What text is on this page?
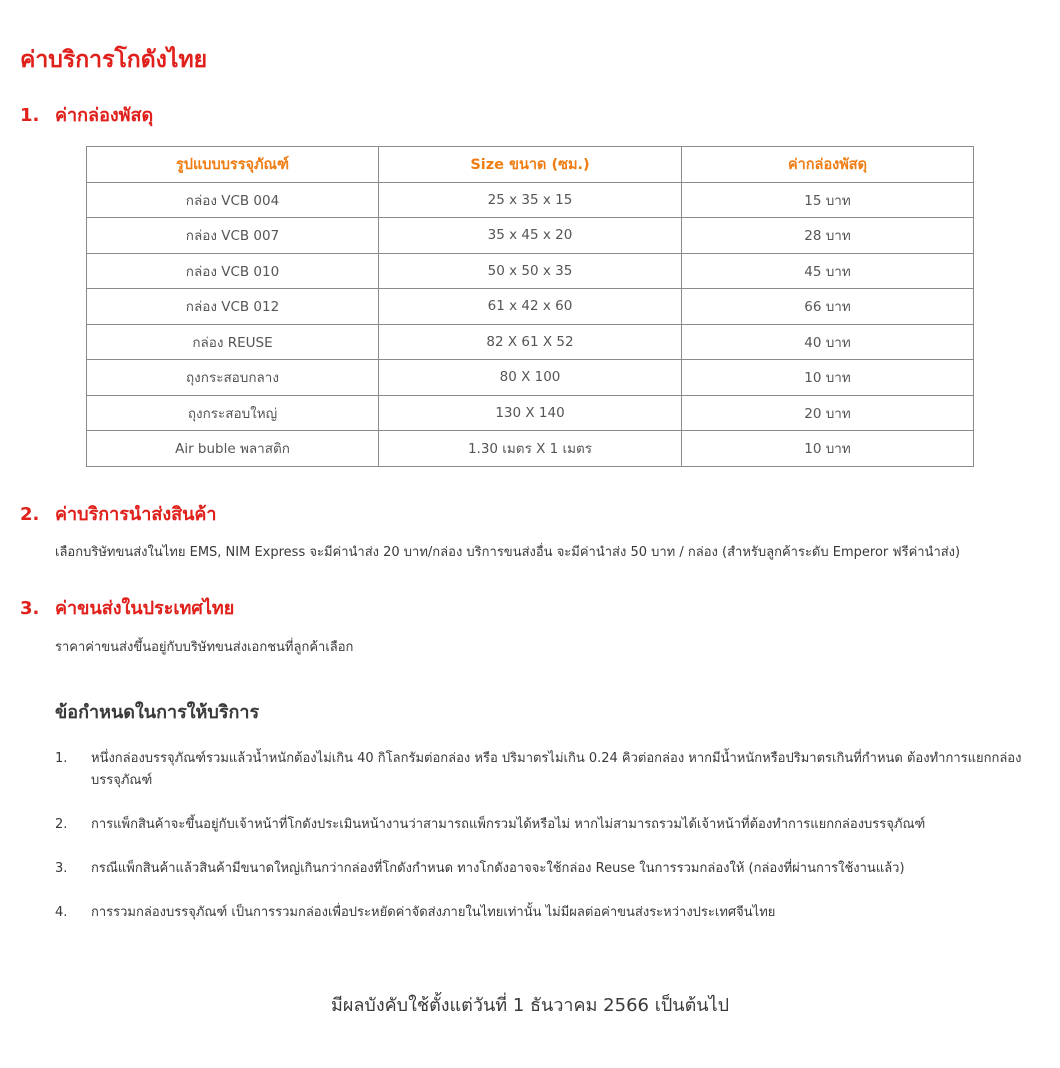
ค่าบริการโกดังไทย
1. ค่ากล่องพัสดุ
รูปแบบบรรจุภัณฑ์	Size ขนาด (ซม.)	ค่ากล่องพัสดุ
กล่อง VCB 004	25 x 35 x 15	15 บาท
กล่อง VCB 007	35 x 45 x 20	28 บาท
กล่อง VCB 010	50 x 50 x 35	45 บาท
กล่อง VCB 012	61 x 42 x 60	66 บาท
กล่อง REUSE	82 X 61 X 52	40 บาท
ถุงกระสอบกลาง	80 X 100	10 บาท
ถุงกระสอบใหญ่	130 X 140	20 บาท
Air buble พลาสติก	1.30 เมตร X 1 เมตร	10 บาท
2. ค่าบริการนำส่งสินค้า

เลือกบริษัทขนส่งในไทย EMS, NIM Express จะมีค่านำส่ง 20 บาท/กล่อง บริการขนส่งอื่น จะมีค่านำส่ง 50 บาท / กล่อง (สำหรับลูกค้าระดับ Emperor ฟรีค่านำส่ง)

3. ค่าขนส่งในประเทศไทย

ราคาค่าขนส่งขึ้นอยู่กับบริษัทขนส่งเอกชนที่ลูกค้าเลือก

ข้อกำหนดในการให้บริการ
1.	หนึ่งกล่องบรรจุภัณฑ์รวมแล้วน้ำหนักต้องไม่เกิน 40 กิโลกรัมต่อกล่อง หรือ ปริมาตรไม่เกิน 0.24 คิวต่อกล่อง หากมีน้ำหนักหรือปริมาตรเกินที่กำหนด ต้องทำการแยกกล่องบรรจุภัณฑ์
2.	การแพ็กสินค้าจะขึ้นอยู่กับเจ้าหน้าที่โกดังประเมินหน้างานว่าสามารถแพ็กรวมได้หรือไม่ หากไม่สามารถรวมได้เจ้าหน้าที่ต้องทำการแยกกล่องบรรจุภัณฑ์
3.	กรณีแพ็กสินค้าแล้วสินค้ามีขนาดใหญ่เกินกว่ากล่องที่โกดังกำหนด ทางโกดังอาจจะใช้กล่อง Reuse ในการรวมกล่องให้ (กล่องที่ผ่านการใช้งานแล้ว)
4.	การรวมกล่องบรรจุภัณฑ์ เป็นการรวมกล่องเพื่อประหยัดค่าจัดส่งภายในไทยเท่านั้น ไม่มีผลต่อค่าขนส่งระหว่างประเทศจีนไทย

มีผลบังคับใช้ตั้งแต่วันที่ 1 ธันวาคม 2566 เป็นต้นไป
